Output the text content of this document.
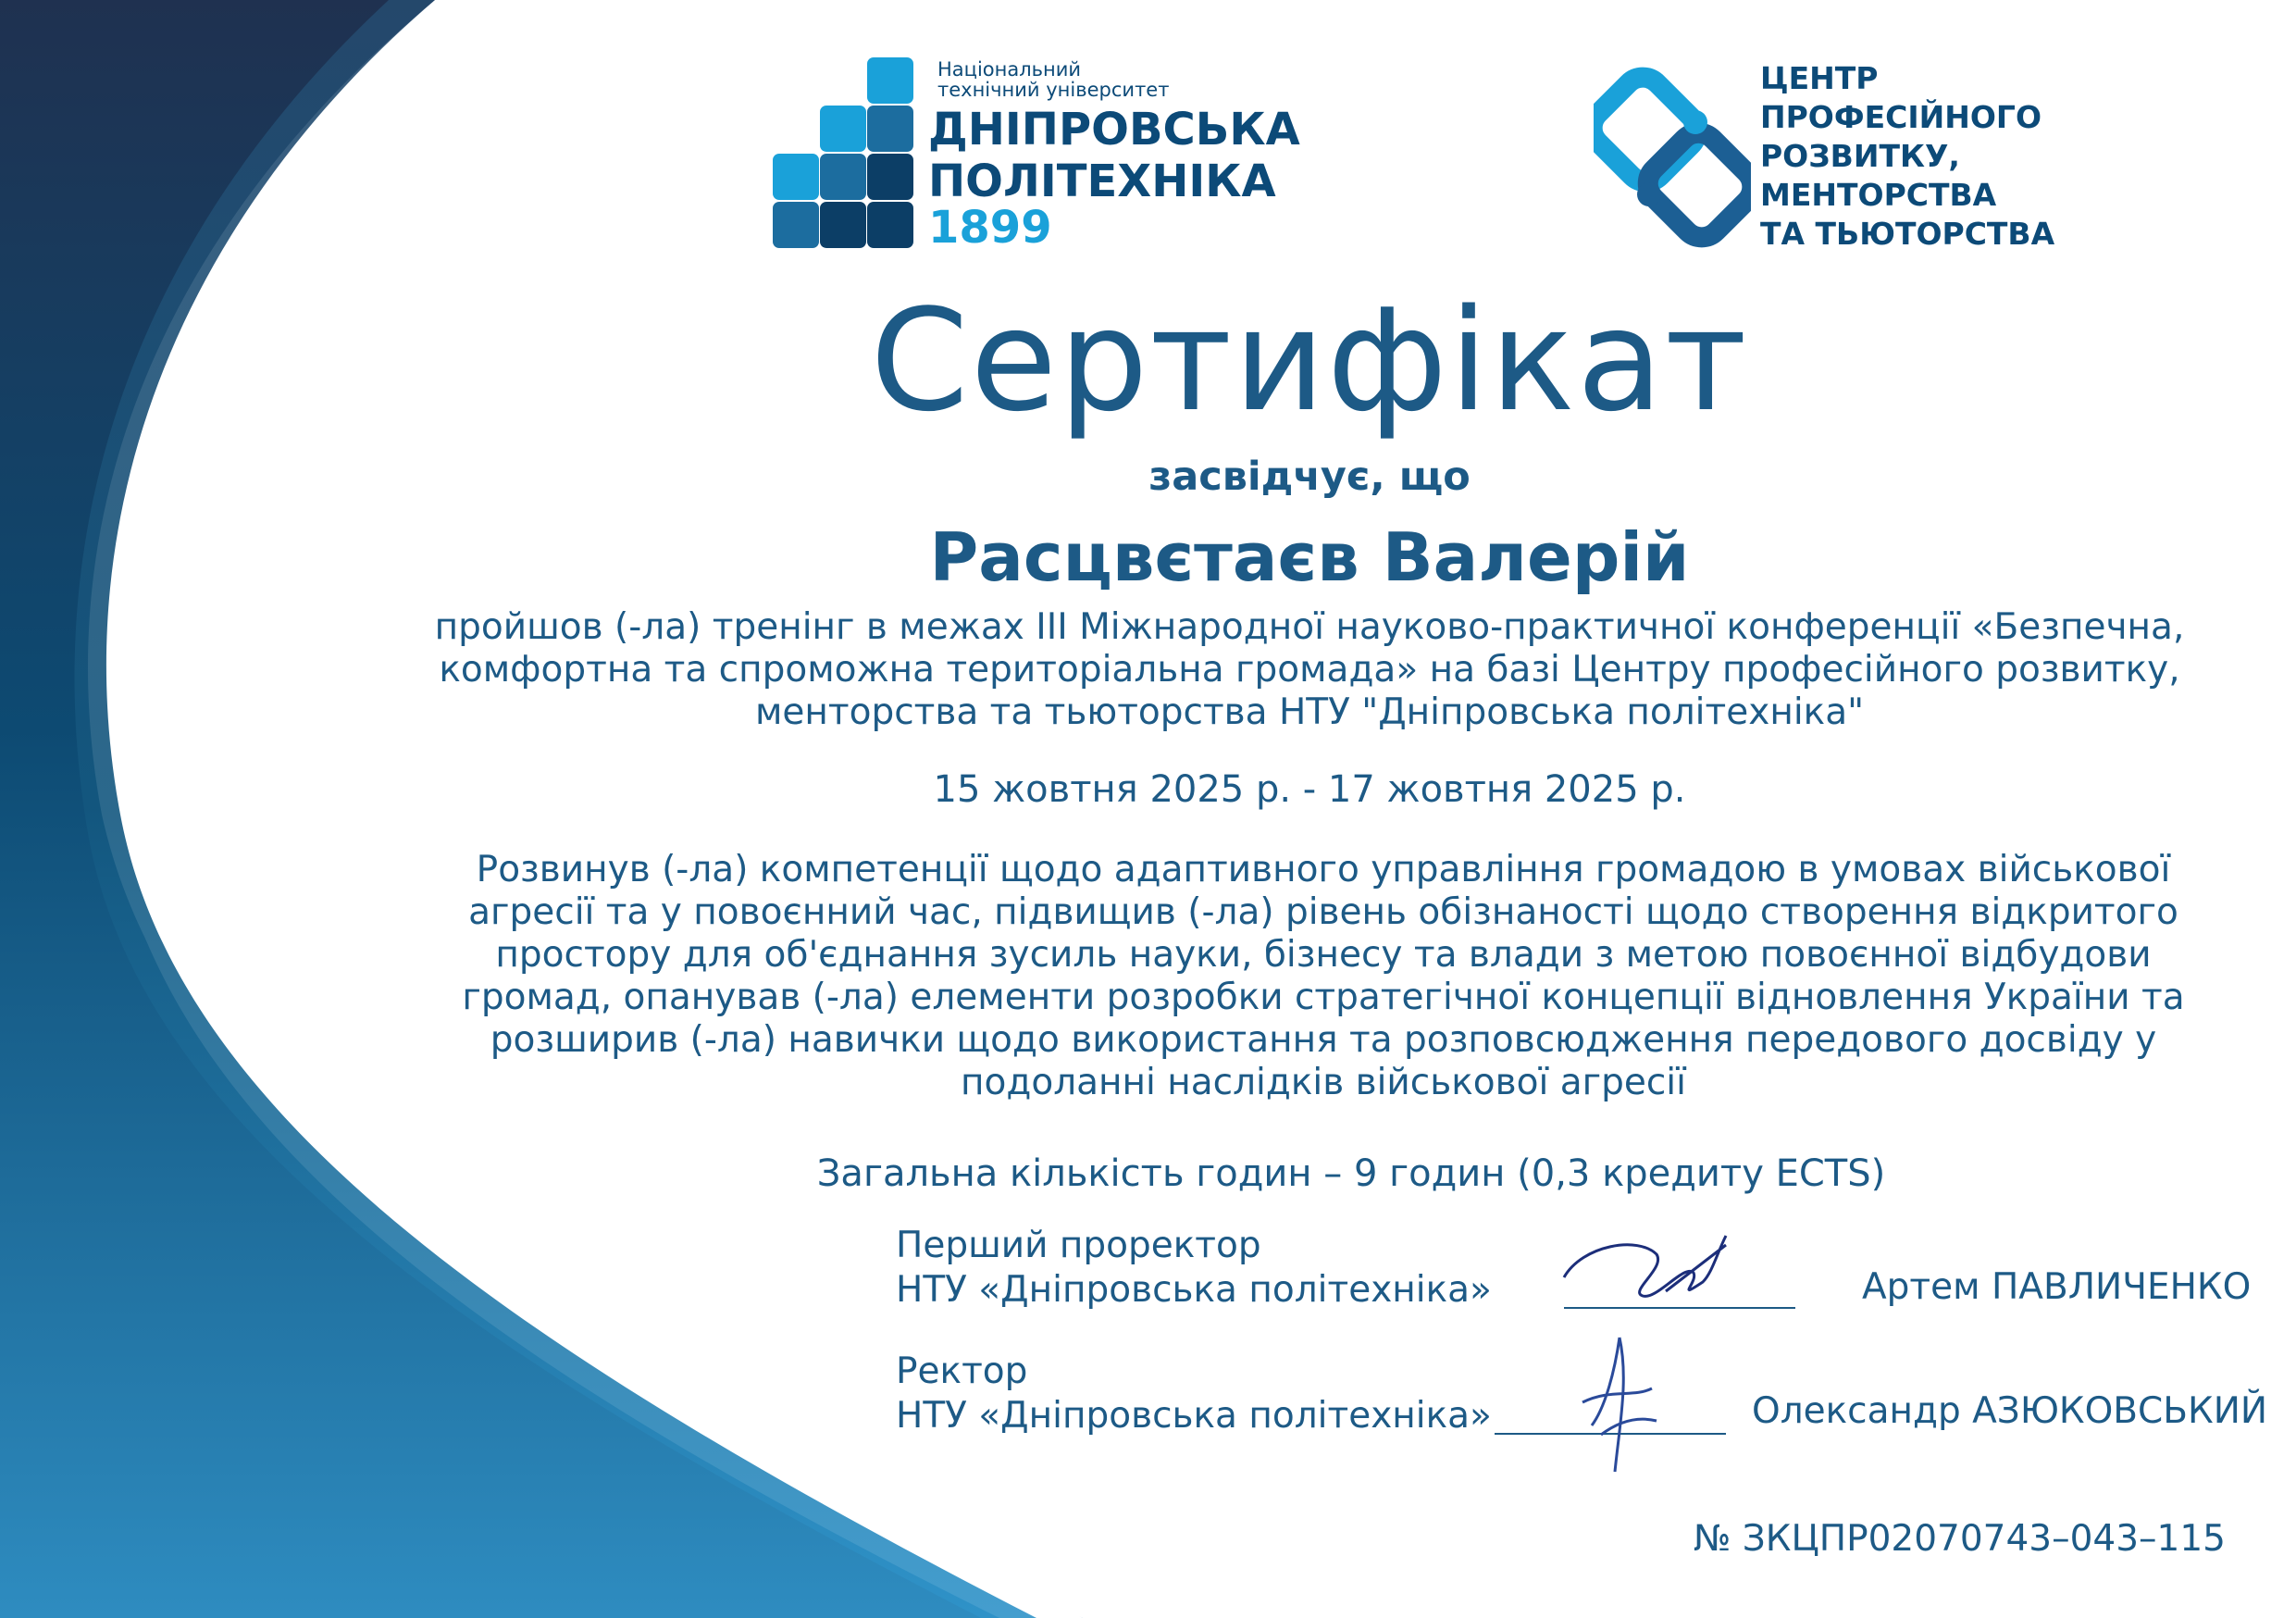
Національний
технічний університет
ДНІПРОВСЬКА
ПОЛІТЕХНІКА
1899
ЦЕНТР
ПРОФЕСІЙНОГО
РОЗВИТКУ,
МЕНТОРСТВА
ТА ТЬЮТОРСТВА
Сертифікат
засвідчує, що
Расцвєтаєв Валерій
пройшов (-ла) тренінг в межах ІІІ Міжнародної науково-практичної конференції «Безпечна, комфортна та спроможна територіальна громада» на базі Центру професійного розвитку, менторства та тьюторства НТУ "Дніпровська політехніка"
15 жовтня 2025 р. - 17 жовтня 2025 р.
Розвинув (-ла) компетенції щодо адаптивного управління громадою в умовах військової агресії та у повоєнний час, підвищив (-ла) рівень обізнаності щодо створення відкритого простору для об'єднання зусиль науки, бізнесу та влади з метою повоєнної відбудови громад, опанував (-ла) елементи розробки стратегічної концепції відновлення України та розширив (-ла) навички щодо використання та розповсюдження передового досвіду у подоланні наслідків військової агресії
Загальна кількість годин – 9 годин (0,3 кредиту ECTS)
Перший проректор
НТУ «Дніпровська політехніка»	Артем ПАВЛИЧЕНКО
Ректор
НТУ «Дніпровська політехніка»	Олександр АЗЮКОВСЬКИЙ
№ ЗКЦПР02070743–043–115
